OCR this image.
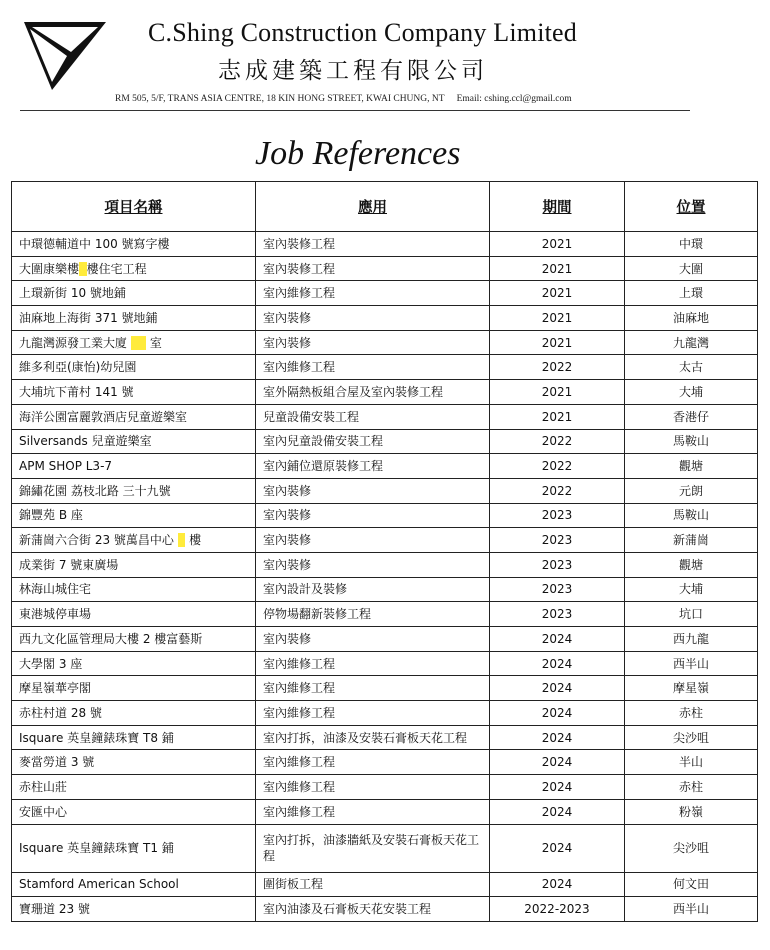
C.Shing Construction Company Limited
志成建築工程有限公司
RM 505, 5/F, TRANS ASIA CENTRE, 18 KIN HONG STREET, KWAI CHUNG, NT Email: cshing.ccl@gmail.com
Job References
項目名稱	應用	期間	位置
中環德輔道中 100 號寫字樓	室內裝修工程	2021	中環
大圍康樂樓 樓住宅工程	室內裝修工程	2021	大圍
上環新街 10 號地鋪	室內維修工程	2021	上環
油麻地上海街 371 號地鋪	室內裝修	2021	油麻地
九龍灣源發工業大廈      室	室內裝修	2021	九龍灣
維多利亞(康怡)幼兒園	室內維修工程	2022	太古
大埔坑下莆村 141 號	室外隔熱板組合屋及室內裝修工程	2021	大埔
海洋公園富麗敦酒店兒童遊樂室	兒童設備安裝工程	2021	香港仔
Silversands 兒童遊樂室	室內兒童設備安裝工程	2022	馬鞍山
APM SHOP L3-7	室內鋪位還原裝修工程	2022	觀塘
錦繡花園 荔枝北路 三十九號	室內裝修	2022	元朗
錦豐苑 B 座	室內裝修	2023	馬鞍山
新蒲崗六合街 23 號萬昌中心    樓	室內裝修	2023	新蒲崗
成業街 7 號東廣場	室內裝修	2023	觀塘
林海山城住宅	室內設計及裝修	2023	大埔
東港城停車場	停物場翻新裝修工程	2023	坑口
西九文化區管理局大樓 2 樓富藝斯	室內裝修	2024	西九龍
大學閣 3 座	室內維修工程	2024	西半山
摩星嶺華亭閣	室內維修工程	2024	摩星嶺
赤柱村道 28 號	室內維修工程	2024	赤柱
Isquare 英皇鐘錶珠寶 T8 鋪	室內打拆，油漆及安裝石膏板天花工程	2024	尖沙咀
麥當勞道 3 號	室內維修工程	2024	半山
赤柱山莊	室內維修工程	2024	赤柱
安匯中心	室內維修工程	2024	粉嶺
Isquare 英皇鐘錶珠寶 T1 鋪	室內打拆，油漆牆紙及安裝石膏板天花工程	2024	尖沙咀
Stamford American School	圍街板工程	2024	何文田
寶珊道 23 號	室內油漆及石膏板天花安裝工程	2022-2023	西半山
